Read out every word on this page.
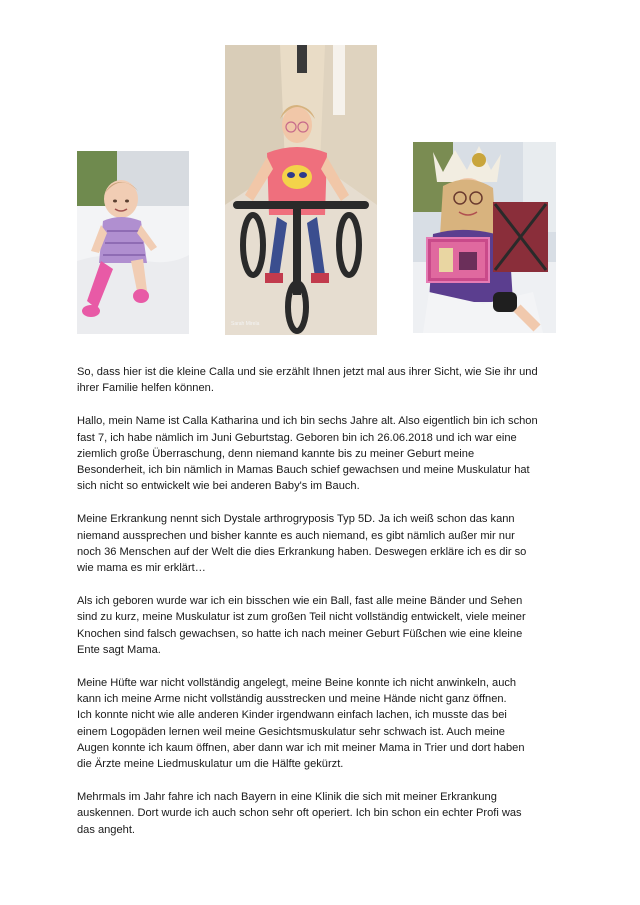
Sarah Mirela

So, dass hier ist die kleine Calla und sie erzählt Ihnen jetzt mal aus ihrer Sicht, wie Sie ihr und
ihrer Familie helfen können.

Hallo, mein Name ist Calla Katharina und ich bin sechs Jahre alt. Also eigentlich bin ich schon
fast 7, ich habe nämlich im Juni Geburtstag. Geboren bin ich 26.06.2018 und ich war eine
ziemlich große Überraschung, denn niemand kannte bis zu meiner Geburt meine
Besonderheit, ich bin nämlich in Mamas Bauch schief gewachsen und meine Muskulatur hat
sich nicht so entwickelt wie bei anderen Baby's im Bauch.

Meine Erkrankung nennt sich Dystale arthrogryposis Typ 5D. Ja ich weiß schon das kann
niemand aussprechen und bisher kannte es auch niemand, es gibt nämlich außer mir nur
noch 36 Menschen auf der Welt die dies Erkrankung haben. Deswegen erkläre ich es dir so
wie mama es mir erklärt…

Als ich geboren wurde war ich ein bisschen wie ein Ball, fast alle meine Bänder und Sehen
sind zu kurz, meine Muskulatur ist zum großen Teil nicht vollständig entwickelt, viele meiner
Knochen sind falsch gewachsen, so hatte ich nach meiner Geburt Füßchen wie eine kleine
Ente sagt Mama.

Meine Hüfte war nicht vollständig angelegt, meine Beine konnte ich nicht anwinkeln, auch
kann ich meine Arme nicht vollständig ausstrecken und meine Hände nicht ganz öffnen.
Ich konnte nicht wie alle anderen Kinder irgendwann einfach lachen, ich musste das bei
einem Logopäden lernen weil meine Gesichtsmuskulatur sehr schwach ist. Auch meine
Augen konnte ich kaum öffnen, aber dann war ich mit meiner Mama in Trier und dort haben
die Ärzte meine Liedmuskulatur um die Hälfte gekürzt.

Mehrmals im Jahr fahre ich nach Bayern in eine Klinik die sich mit meiner Erkrankung
auskennen. Dort wurde ich auch schon sehr oft operiert. Ich bin schon ein echter Profi was
das angeht.
